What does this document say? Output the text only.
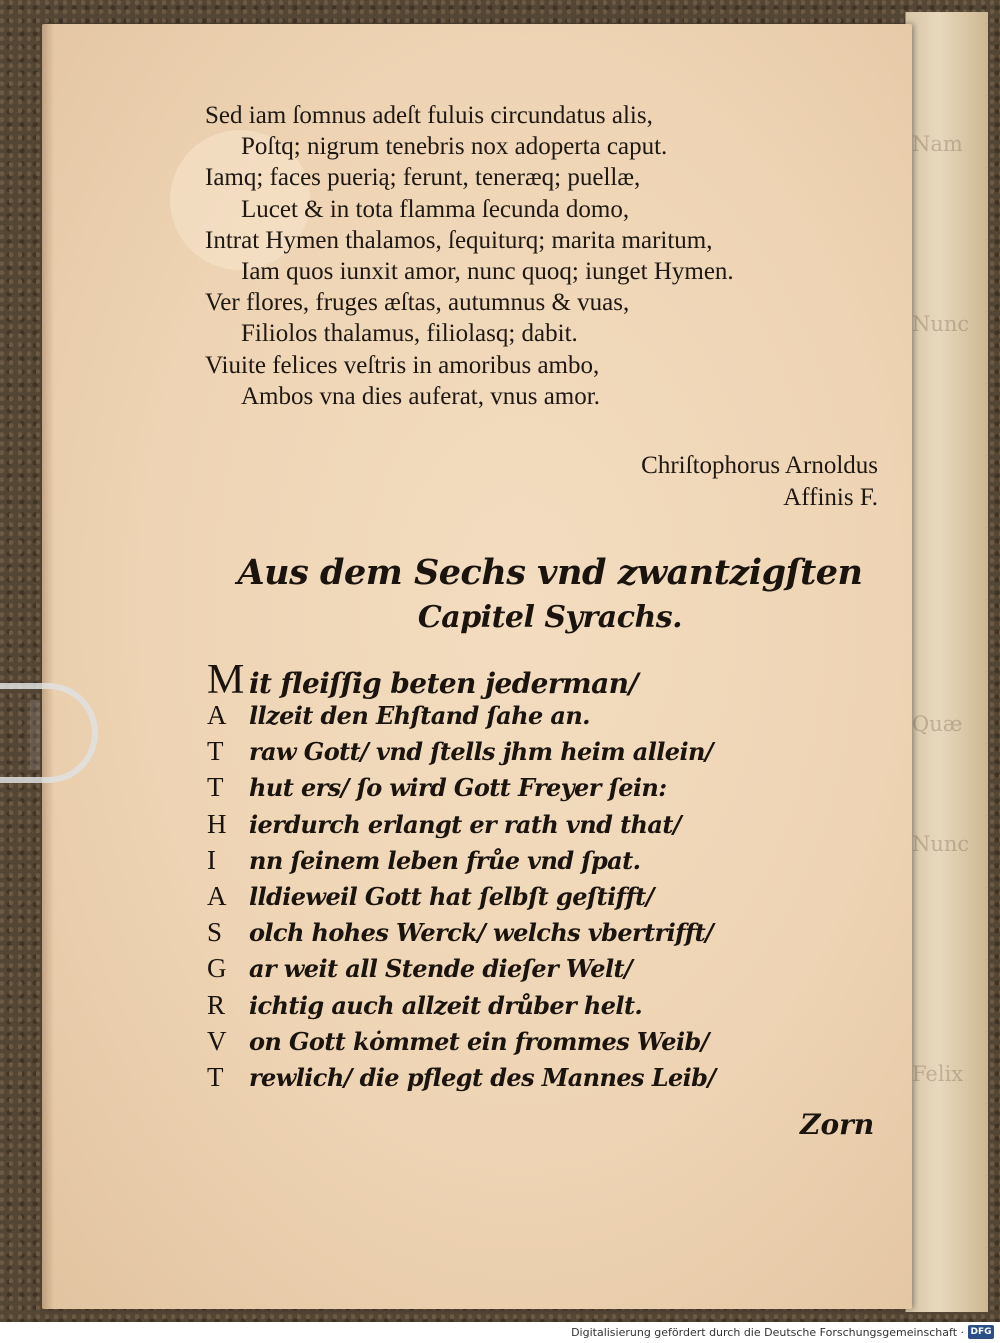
Nam
Nunc
Quæ
Nunc
Felix
Sed iam ſomnus adeſt fuluis circundatus alis,
Poſtq; nigrum tenebris nox adoperta caput.
Iamq; faces puerią; ferunt, teneræq; puellæ,
Lucet & in tota flamma ſecunda domo,
Intrat Hymen thalamos, ſequiturq; marita maritum,
Iam quos iunxit amor, nunc quoq; iunget Hymen.
Ver flores, fruges æſtas, autumnus & vuas,
Filiolos thalamus, filiolasq; dabit.
Viuite felices veſtris in amoribus ambo,
Ambos vna dies auferat, vnus amor.
Chriſtophorus Arnoldus
Affinis F.
Aus dem Sechs vnd zwantzigſten
Capitel Syrachs.
M it fleiſſig beten jederman/
A llzeit den Ehſtand ſahe an.
T	raw Gott/ vnd ſtells jhm heim allein/
T	hut ers/ ſo wird Gott Freyer ſein:
H ierdurch erlangt er rath vnd that/
I	nn ſeinem leben frůe vnd ſpat.
A lldieweil Gott hat ſelbſt geſtifft/
S	olch hohes Werck/ welchs vbertrifft/
G ar weit all Stende dieſer Welt/
R ichtig auch allzeit drůber helt.
V on Gott kȯmmet ein frommes Weib/
T	rewlich/ die pflegt des Mannes Leib/
Zorn
Digitalisierung gefördert durch die Deutsche Forschungsgemeinschaft · DFG
